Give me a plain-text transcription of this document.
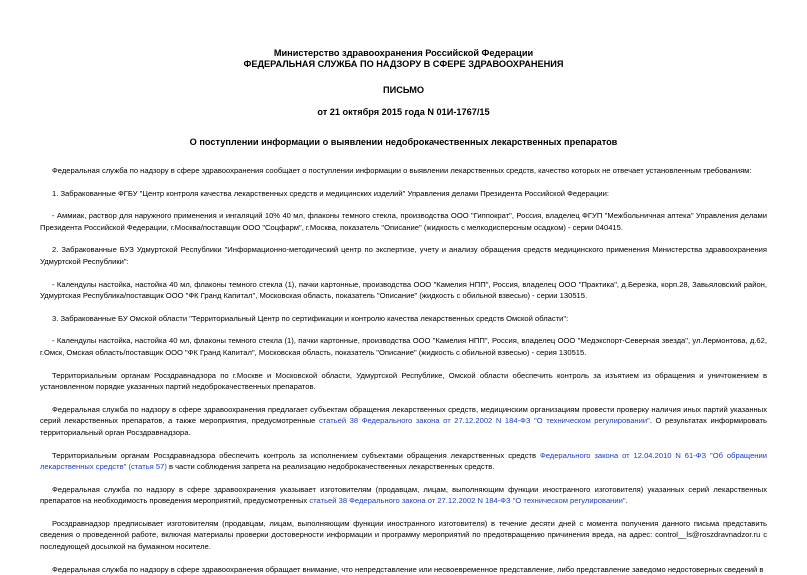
Министерство здравоохранения Российской Федерации
ФЕДЕРАЛЬНАЯ СЛУЖБА ПО НАДЗОРУ В СФЕРЕ ЗДРАВООХРАНЕНИЯ
ПИСЬМО
от 21 октября 2015 года N 01И-1767/15
О поступлении информации о выявлении недоброкачественных лекарственных препаратов

Федеральная служба по надзору в сфере здравоохранения сообщает о поступлении информации о выявлении лекарственных средств, качество которых не отвечает установленным требованиям:

1. Забракованные ФГБУ "Центр контроля качества лекарственных средств и медицинских изделий" Управления делами Президента Российской Федерации:

- Аммиак, раствор для наружного применения и ингаляций 10% 40 мл, флаконы темного стекла, производства ООО "Гиппократ", Россия, владелец ФГУП "Межбольничная аптека" Управления делами Президента Российской Федерации, г.Москва/поставщик ООО "Соцфарм", г.Москва, показатель "Описание" (жидкость с мелкодисперсным осадком) - серии 040415.

2. Забракованные БУЗ Удмуртской Республики "Информационно-методический центр по экспертизе, учету и анализу обращения средств медицинского применения Министерства здравоохранения Удмуртской Республики":

- Календулы настойка, настойка 40 мл, флаконы темного стекла (1), пачки картонные, производства ООО "Камелия НПП", Россия, владелец ООО "Практика", д.Березка, корп.28, Завьяловский район, Удмуртская Республика/поставщик ООО "ФК Гранд Капитал", Московская область, показатель "Описание" (жидкость с обильной взвесью) - серии 130515.

3. Забракованные БУ Омской области "Территориальный Центр по сертификации и контролю качества лекарственных средств Омской области":

- Календулы настойка, настойка 40 мл, флаконы темного стекла (1), пачки картонные, производства ООО "Камелия НПП", Россия, владелец ООО "Медэкспорт-Северная звезда", ул.Лермонтова, д.62, г.Омск, Омская область/поставщик ООО "ФК Гранд Капитал", Московская область, показатель "Описание" (жидкость с обильной взвесью) - серия 130515.

Территориальным органам Росздравнадзора по г.Москве и Московской области, Удмуртской Республике, Омской области обеспечить контроль за изъятием из обращения и уничтожением в установленном порядке указанных партий недоброкачественных препаратов.

Федеральная служба по надзору в сфере здравоохранения предлагает субъектам обращения лекарственных средств, медицинским организациям провести проверку наличия иных партий указанных серий лекарственных препаратов, а также мероприятия, предусмотренные статьей 38 Федерального закона от 27.12.2002 N 184-ФЗ "О техническом регулировании". О результатах информировать территориальный орган Росздравнадзора.

Территориальным органам Росздравнадзора обеспечить контроль за исполнением субъектами обращения лекарственных средств Федерального закона от 12.04.2010 N 61-ФЗ "Об обращении лекарственных средств" (статья 57) в части соблюдения запрета на реализацию недоброкачественных лекарственных средств.

Федеральная служба по надзору в сфере здравоохранения указывает изготовителям (продавцам, лицам, выполняющим функции иностранного изготовителя) указанных серий лекарственных препаратов на необходимость проведения мероприятий, предусмотренных статьей 38 Федерального закона от 27.12.2002 N 184-ФЗ "О техническом регулировании".

Росздравнадзор предписывает изготовителям (продавцам, лицам, выполняющим функции иностранного изготовителя) в течение десяти дней с момента получения данного письма представить сведения о проведенной работе, включая материалы проверки достоверности информации и программу мероприятий по предотвращению причинения вреда, на адрес: control__ls@roszdravnadzor.ru с последующей досылкой на бумажном носителе.

Федеральная служба по надзору в сфере здравоохранения обращает внимание, что непредставление или несвоевременное представление, либо представление заведомо недостоверных сведений в
